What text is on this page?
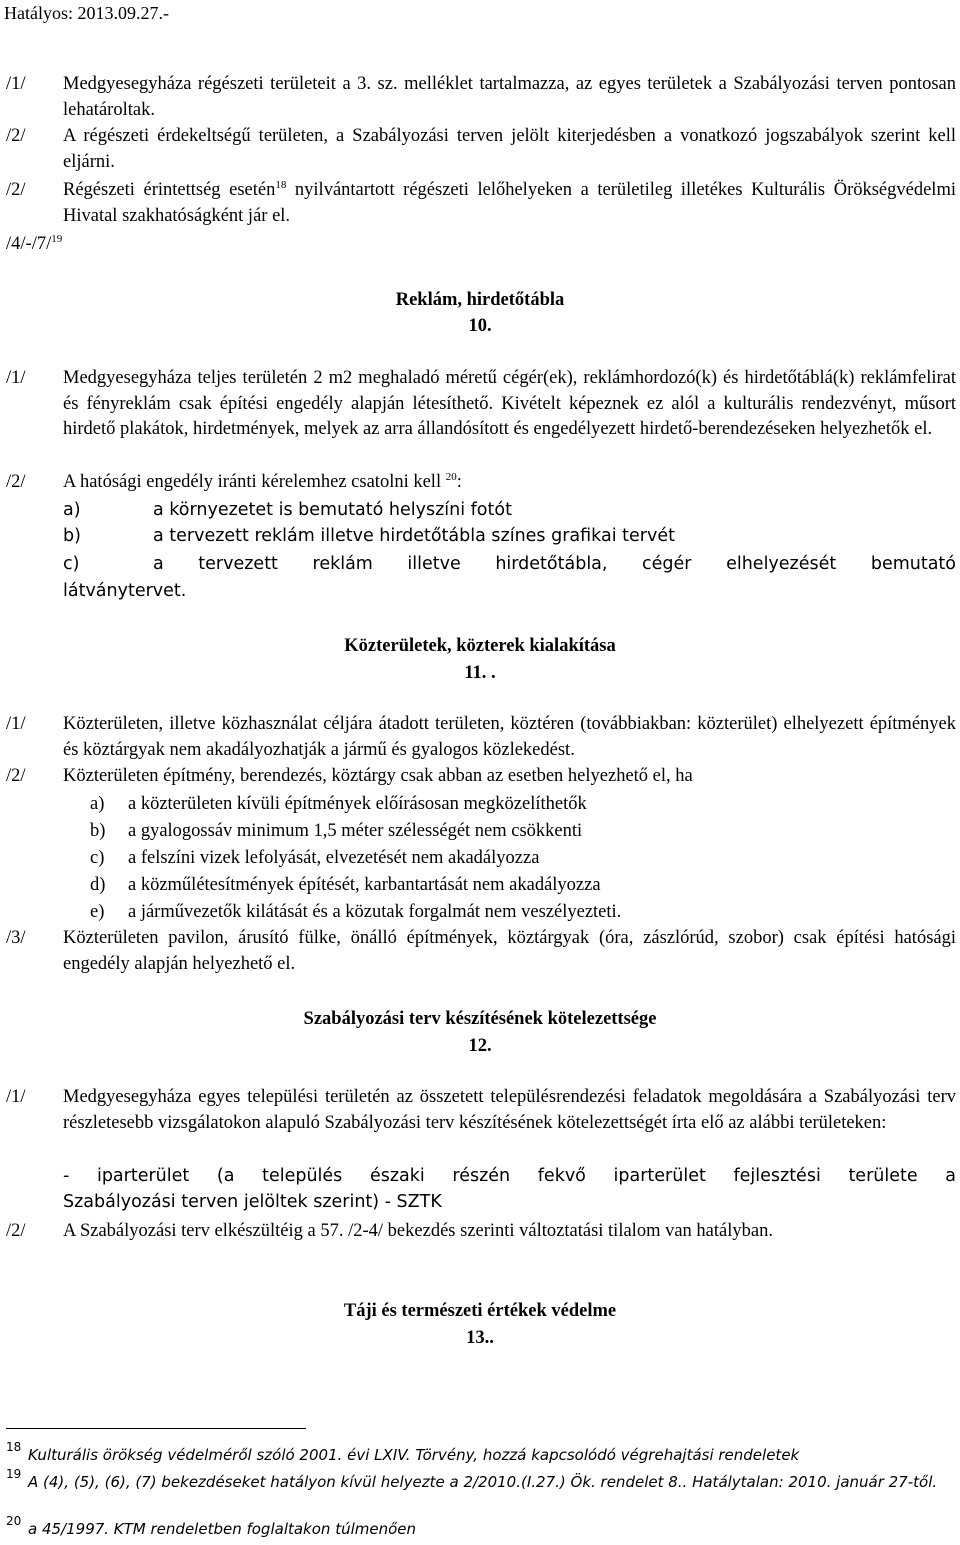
Hatályos: 2013.09.27.-
/1/ Medgyesegyháza régészeti területeit a 3. sz. melléklet tartalmazza, az egyes területek a Szabályozási terven pontosan lehatároltak.
/2/ A régészeti érdekeltségű területen, a Szabályozási terven jelölt kiterjedésben a vonatkozó jogszabályok szerint kell eljárni.
/2/ Régészeti érintettség esetén$^{18}$ nyilvántartott régészeti lelőhelyeken a területileg illetékes Kulturális Örökségvédelmi Hivatal szakhatóságként jár el.
/4/-/7/$^{19}$
Reklám, hirdetőtábla
10.
/1/ Medgyesegyháza teljes területén 2 m2 meghaladó méretű cégér(ek), reklámhordozó(k) és hirdetőtáblá(k) reklámfelirat és fényreklám csak építési engedély alapján létesíthető. Kivételt képeznek ez alól a kulturális rendezvényt, műsort hirdető plakátok, hirdetmények, melyek az arra állandósított és engedélyezett hirdető-berendezéseken helyezhetők el.
/2/ A hatósági engedély iránti kérelemhez csatolni kell $^{20}$:
a)	a környezetet is bemutató helyszíni fotót
b)	a tervezett reklám illetve hirdetőtábla színes grafikai tervét
c)	a tervezett reklám illetve hirdetőtábla, cégér elhelyezését bemutató
látványtervet.
Közterületek, közterek kialakítása
11. .
/1/ Közterületen, illetve közhasználat céljára átadott területen, köztéren (továbbiakban: közterület) elhelyezett építmények és köztárgyak nem akadályozhatják a jármű és gyalogos közlekedést.
/2/ Közterületen építmény, berendezés, köztárgy csak abban az esetben helyezhető el, ha
a) a közterületen kívüli építmények előírásosan megközelíthetők
b) a gyalogossáv minimum 1,5 méter szélességét nem csökkenti
c) a felszíni vizek lefolyását, elvezetését nem akadályozza
d) a közműlétesítmények építését, karbantartását nem akadályozza
e) a járművezetők kilátását és a közutak forgalmát nem veszélyezteti.
/3/ Közterületen pavilon, árusító fülke, önálló építmények, köztárgyak (óra, zászlórúd, szobor) csak építési hatósági engedély alapján helyezhető el.
Szabályozási terv készítésének kötelezettsége
12.
/1/ Medgyesegyháza egyes települési területén az összetett településrendezési feladatok megoldására a Szabályozási terv részletesebb vizsgálatokon alapuló Szabályozási terv készítésének kötelezettségét írta elő az alábbi területeken:
- iparterület (a település északi részén fekvő iparterület fejlesztési területe a
Szabályozási terven jelöltek szerint) - SZTK
/2/ A Szabályozási terv elkészültéig a 57. /2-4/ bekezdés szerinti változtatási tilalom van hatályban.
Táji és természeti értékek védelme
13..
18 Kulturális örökség védelméről szóló 2001. évi LXIV. Törvény, hozzá kapcsolódó végrehajtási rendeletek
19 A (4), (5), (6), (7) bekezdéseket hatályon kívül helyezte a 2/2010.(I.27.) Ök. rendelet 8.. Hatálytalan: 2010. január 27-től.
20 a 45/1997. KTM rendeletben foglaltakon túlmenően
